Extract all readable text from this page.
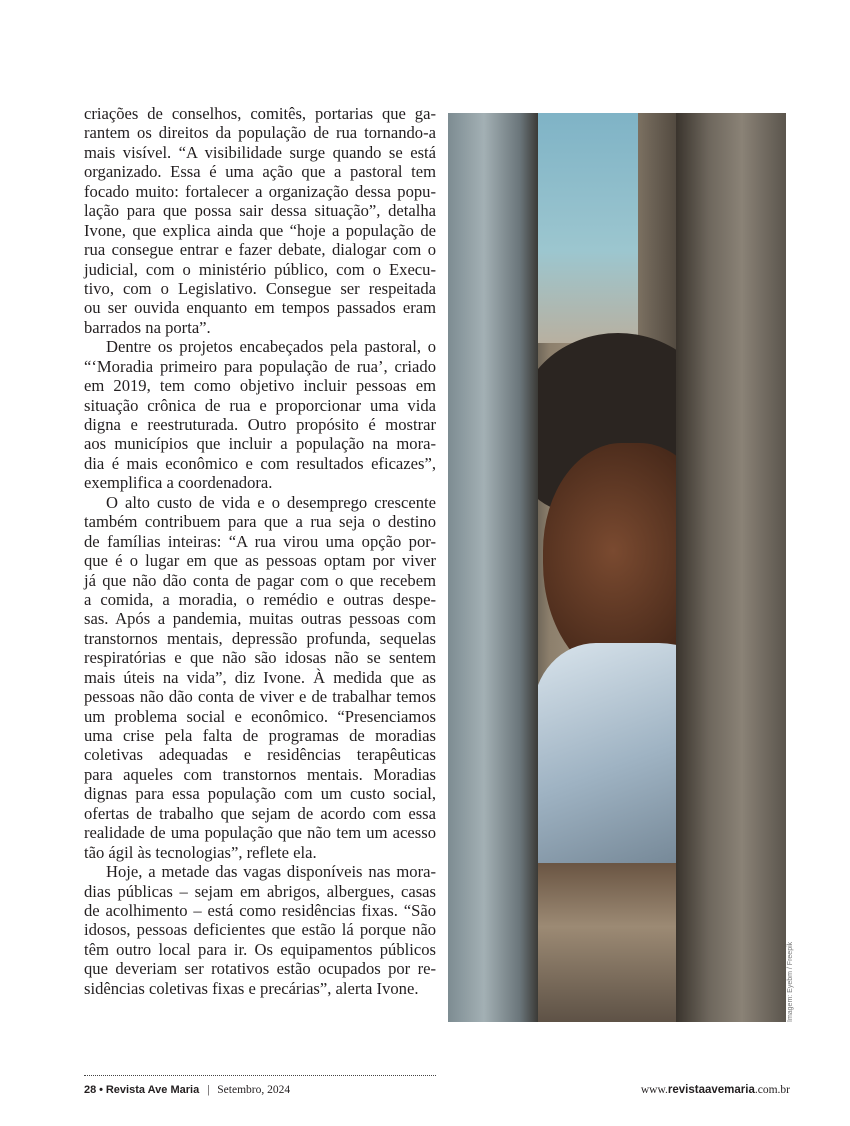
criações de conselhos, comitês, portarias que ga-
rantem os direitos da população de rua tornando-a
mais visível. “A visibilidade surge quando se está
organizado. Essa é uma ação que a pastoral tem
focado muito: fortalecer a organização dessa popu-
lação para que possa sair dessa situação”, detalha
Ivone, que explica ainda que “hoje a população de
rua consegue entrar e fazer debate, dialogar com o
judicial, com o ministério público, com o Execu-
tivo, com o Legislativo. Consegue ser respeitada
ou ser ouvida enquanto em tempos passados eram
barrados na porta”.
Dentre os projetos encabeçados pela pastoral, o
“‘Moradia primeiro para população de rua’, criado
em 2019, tem como objetivo incluir pessoas em
situação crônica de rua e proporcionar uma vida
digna e reestruturada. Outro propósito é mostrar
aos municípios que incluir a população na mora-
dia é mais econômico e com resultados eficazes”,
exemplifica a coordenadora.
O alto custo de vida e o desemprego crescente
também contribuem para que a rua seja o destino
de famílias inteiras: “A rua virou uma opção por-
que é o lugar em que as pessoas optam por viver
já que não dão conta de pagar com o que recebem
a comida, a moradia, o remédio e outras despe-
sas. Após a pandemia, muitas outras pessoas com
transtornos mentais, depressão profunda, sequelas
respiratórias e que não são idosas não se sentem
mais úteis na vida”, diz Ivone. À medida que as
pessoas não dão conta de viver e de trabalhar temos
um problema social e econômico. “Presenciamos
uma crise pela falta de programas de moradias
coletivas adequadas e residências terapêuticas
para aqueles com transtornos mentais. Moradias
dignas para essa população com um custo social,
ofertas de trabalho que sejam de acordo com essa
realidade de uma população que não tem um acesso
tão ágil às tecnologias”, reflete ela.
Hoje, a metade das vagas disponíveis nas mora-
dias públicas – sejam em abrigos, albergues, casas
de acolhimento – está como residências fixas. “São
idosos, pessoas deficientes que estão lá porque não
têm outro local para ir. Os equipamentos públicos
que deveriam ser rotativos estão ocupados por re-
sidências coletivas fixas e precárias”, alerta Ivone.	Imagem: Eyebm / Freepik
28 • Revista Ave Maria | Setembro, 2024	www.revistaavemaria.com.br
